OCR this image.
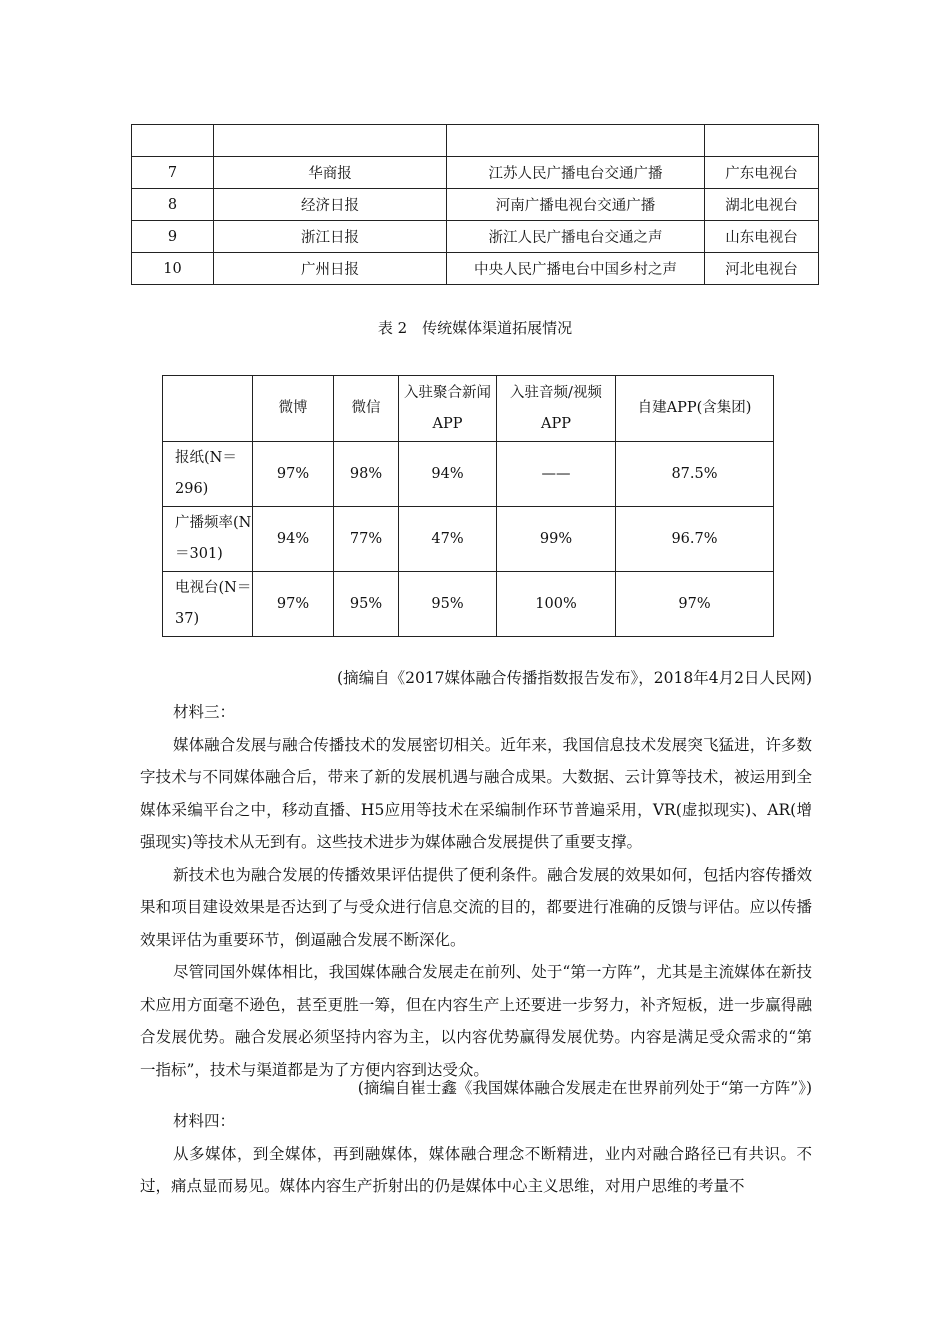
7	华商报	江苏人民广播电台交通广播	广东电视台
8	经济日报	河南广播电视台交通广播	湖北电视台
9	浙江日报	浙江人民广播电台交通之声	山东电视台
10	广州日报	中央人民广播电台中国乡村之声	河北电视台
表 2　传统媒体渠道拓展情况
	微博	微信	入驻聚合新闻APP	入驻音频/视频APP	自建APP(含集团)
报纸(N＝296)	97%	98%	94%	——	87.5%
广播频率(N＝301)	94%	77%	47%	99%	96.7%
电视台(N＝37)	97%	95%	95%	100%	97%
(摘编自《2017媒体融合传播指数报告发布》，2018年4月2日人民网)

材料三：

媒体融合发展与融合传播技术的发展密切相关。近年来，我国信息技术发展突飞猛进，许多数字技术与不同媒体融合后，带来了新的发展机遇与融合成果。大数据、云计算等技术，被运用到全媒体采编平台之中，移动直播、H5应用等技术在采编制作环节普遍采用，VR(虚拟现实)、AR(增强现实)等技术从无到有。这些技术进步为媒体融合发展提供了重要支撑。

新技术也为融合发展的传播效果评估提供了便利条件。融合发展的效果如何，包括内容传播效果和项目建设效果是否达到了与受众进行信息交流的目的，都要进行准确的反馈与评估。应以传播效果评估为重要环节，倒逼融合发展不断深化。

尽管同国外媒体相比，我国媒体融合发展走在前列、处于“第一方阵”，尤其是主流媒体在新技术应用方面毫不逊色，甚至更胜一筹，但在内容生产上还要进一步努力，补齐短板，进一步赢得融合发展优势。融合发展必须坚持内容为主，以内容优势赢得发展优势。内容是满足受众需求的“第一指标”，技术与渠道都是为了方便内容到达受众。

(摘编自崔士鑫《我国媒体融合发展走在世界前列处于“第一方阵”》)

材料四：

从多媒体，到全媒体，再到融媒体，媒体融合理念不断精进，业内对融合路径已有共识。不过，痛点显而易见。媒体内容生产折射出的仍是媒体中心主义思维，对用户思维的考量不
